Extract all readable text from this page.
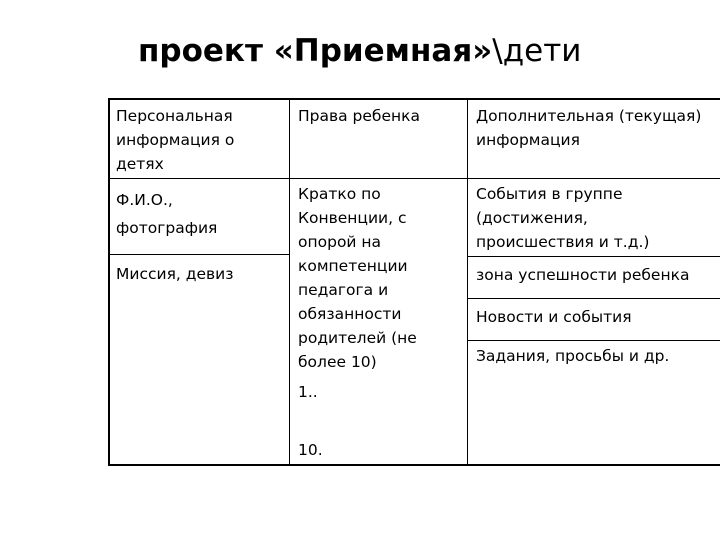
проект «Приемная»\дети
Персональная
информация о
детях
Права ребенка	Дополнительная (текущая)
информация
Ф.И.О.,
фотография
Миссия, девиз
Кратко по
Конвенции, с
опорой на
компетенции
педагога и
обязанности
родителей (не
более 10)
1..
10.
События в группе
(достижения,
происшествия и т.д.)
зона успешности ребенка
Новости и события
Задания, просьбы и др.
